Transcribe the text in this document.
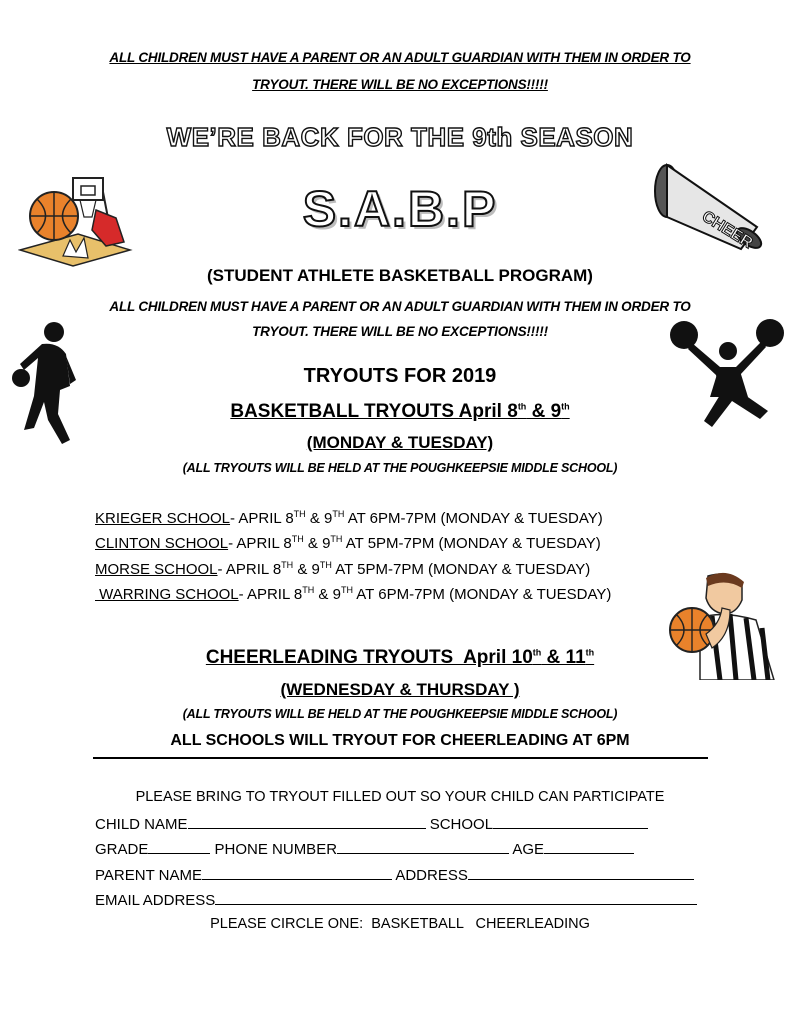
ALL CHILDREN MUST HAVE A PARENT OR AN ADULT GUARDIAN WITH THEM IN ORDER TO
TRYOUT. THERE WILL BE NO EXCEPTIONS!!!!!
WE’RE BACK FOR THE 9th SEASON
S.A.B.P
(STUDENT ATHLETE BASKETBALL PROGRAM)
ALL CHILDREN MUST HAVE A PARENT OR AN ADULT GUARDIAN WITH THEM IN ORDER TO
TRYOUT. THERE WILL BE NO EXCEPTIONS!!!!!
TRYOUTS FOR 2019
BASKETBALL TRYOUTS April 8th & 9th
(MONDAY & TUESDAY)
(ALL TRYOUTS WILL BE HELD AT THE POUGHKEEPSIE MIDDLE SCHOOL)
KRIEGER SCHOOL- APRIL 8TH & 9TH AT 6PM-7PM (MONDAY & TUESDAY)
CLINTON SCHOOL- APRIL 8TH & 9TH AT 5PM-7PM (MONDAY & TUESDAY)
MORSE SCHOOL- APRIL 8TH & 9TH AT 5PM-7PM (MONDAY & TUESDAY)
WARRING SCHOOL- APRIL 8TH & 9TH AT 6PM-7PM (MONDAY & TUESDAY)
CHEERLEADING TRYOUTS  April 10th & 11th
(WEDNESDAY & THURSDAY )
(ALL TRYOUTS WILL BE HELD AT THE POUGHKEEPSIE MIDDLE SCHOOL)
ALL SCHOOLS WILL TRYOUT FOR CHEERLEADING AT 6PM
PLEASE BRING TO TRYOUT FILLED OUT SO YOUR CHILD CAN PARTICIPATE
CHILD NAME	SCHOOL
GRADE	PHONE NUMBER	AGE
PARENT NAME	ADDRESS
EMAIL ADDRESS
PLEASE CIRCLE ONE:  BASKETBALL   CHEERLEADING
CHEER
